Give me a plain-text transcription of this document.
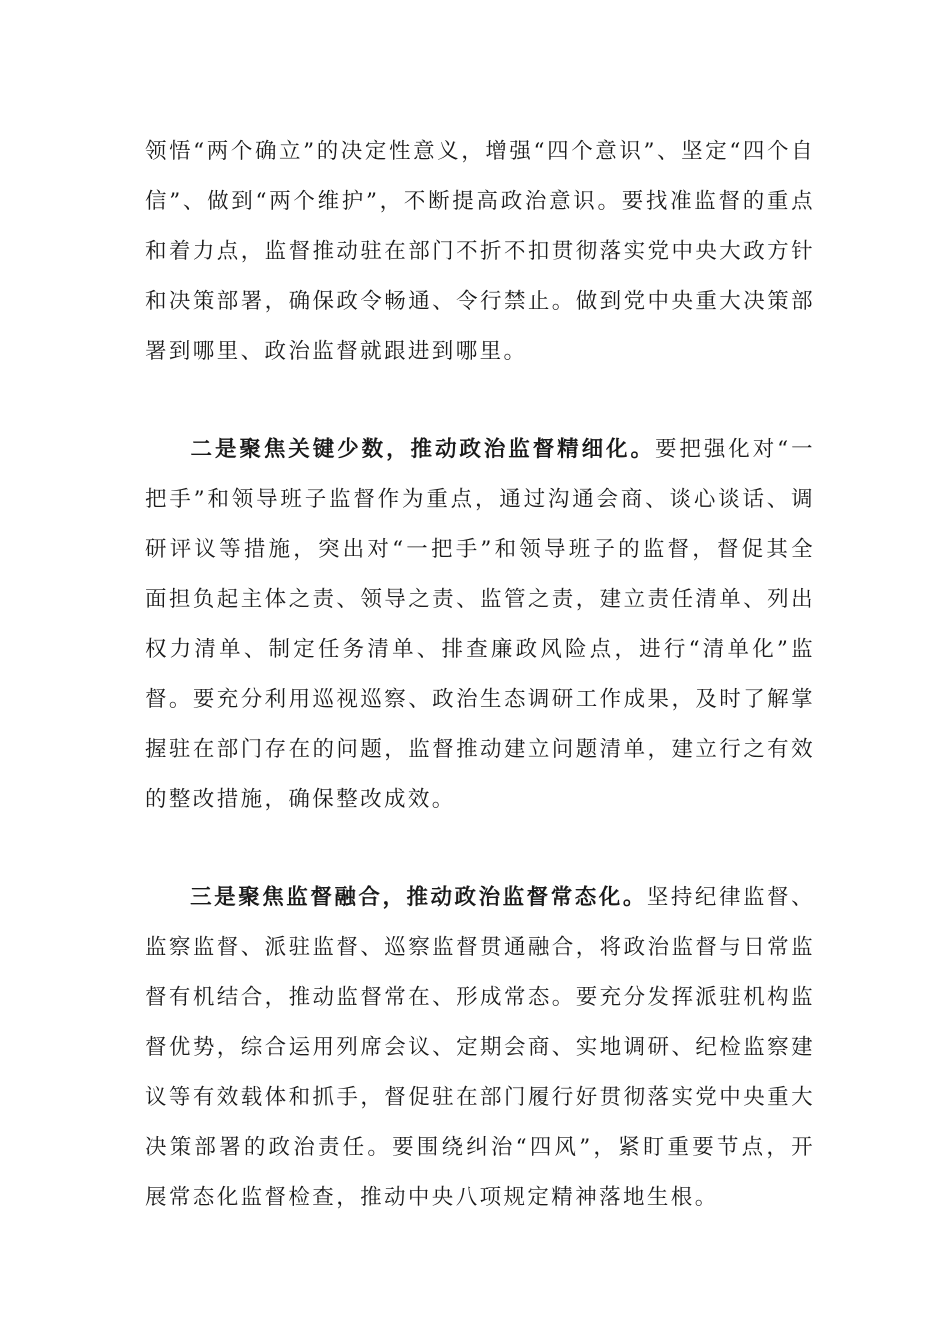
领悟“两个确立”的决定性意义，增强“四个意识”、坚定“四个自信”、做到“两个维护”，不断提高政治意识。要找准监督的重点和着力点，监督推动驻在部门不折不扣贯彻落实党中央大政方针和决策部署，确保政令畅通、令行禁止。做到党中央重大决策部署到哪里、政治监督就跟进到哪里。

二是聚焦关键少数，推动政治监督精细化。要把强化对“一把手”和领导班子监督作为重点，通过沟通会商、谈心谈话、调研评议等措施，突出对“一把手”和领导班子的监督，督促其全面担负起主体之责、领导之责、监管之责，建立责任清单、列出权力清单、制定任务清单、排查廉政风险点，进行“清单化”监督。要充分利用巡视巡察、政治生态调研工作成果，及时了解掌握驻在部门存在的问题，监督推动建立问题清单，建立行之有效的整改措施，确保整改成效。

三是聚焦监督融合，推动政治监督常态化。坚持纪律监督、监察监督、派驻监督、巡察监督贯通融合，将政治监督与日常监督有机结合，推动监督常在、形成常态。要充分发挥派驻机构监督优势，综合运用列席会议、定期会商、实地调研、纪检监察建议等有效载体和抓手，督促驻在部门履行好贯彻落实党中央重大决策部署的政治责任。要围绕纠治“四风”，紧盯重要节点，开展常态化监督检查，推动中央八项规定精神落地生根。
